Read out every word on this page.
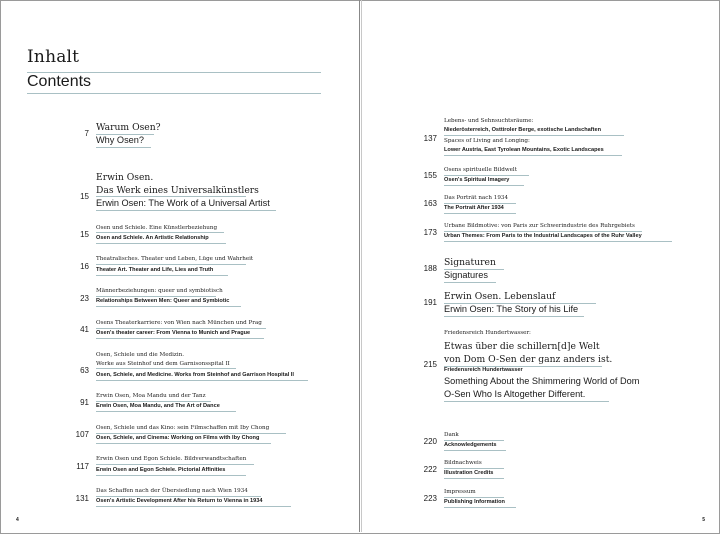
Inhalt
Contents
7
Warum Osen?
Why Osen?
15
Erwin Osen.
Das Werk eines Universalkünstlers
Erwin Osen: The Work of a Universal Artist
15
Osen und Schiele. Eine Künstlerbeziehung
Osen and Schiele. An Artistic Relationship
16
Theatralisches. Theater und Leben, Lüge und Wahrheit
Theater Art. Theater and Life, Lies and Truth
23
Männerbeziehungen: queer und symbiotisch
Relationships Between Men: Queer and Symbiotic
41
Osens Theaterkarriere: von Wien nach München und Prag
Osen's theater career: From Vienna to Munich and Prague
63
Osen, Schiele und die Medizin.
Werke aus Steinhof und dem Garnisonsspital II
Osen, Schiele, and Medicine. Works from Steinhof and Garrison Hospital II
91
Erwin Osen, Moa Mandu und der Tanz
Erwin Osen, Moa Mandu, and The Art of Dance
107
Osen, Schiele und das Kino: sein Filmschaffen mit Iby Chong
Osen, Schiele, and Cinema: Working on Films with Iby Chong
117
Erwin Osen und Egon Schiele. Bildverwandtschaften
Erwin Osen and Egon Schiele. Pictorial Affinities
131
Das Schaffen nach der Übersiedlung nach Wien 1934
Osen's Artistic Development After his Return to Vienna in 1934
4
137
Lebens- und Sehnsuchtsräume:
Niederösterreich, Osttiroler Berge, exotische Landschaften
Spaces of Living and Longing:
Lower Austria, East Tyrolean Mountains, Exotic Landscapes
155
Osens spirituelle Bildwelt
Osen's Spiritual Imagery
163
Das Porträt nach 1934
The Portrait After 1934
173
Urbane Bildmotive: von Paris zur Schwerindustrie des Ruhrgebiets
Urban Themes: From Paris to the Industrial Landscapes of the Ruhr Valley
188
Signaturen
Signatures
191
Erwin Osen. Lebenslauf
Erwin Osen: The Story of his Life
215
Friedensreich Hundertwasser:
Etwas über die schillern[d]e Welt
von Dom O-Sen der ganz anders ist.
Friedensreich Hundertwasser
Something About the Shimmering World of Dom
O-Sen Who Is Altogether Different.
220
Dank
Acknowledgements
222
Bildnachweis
Illustration Credits
223
Impressum
Publishing Information
5
